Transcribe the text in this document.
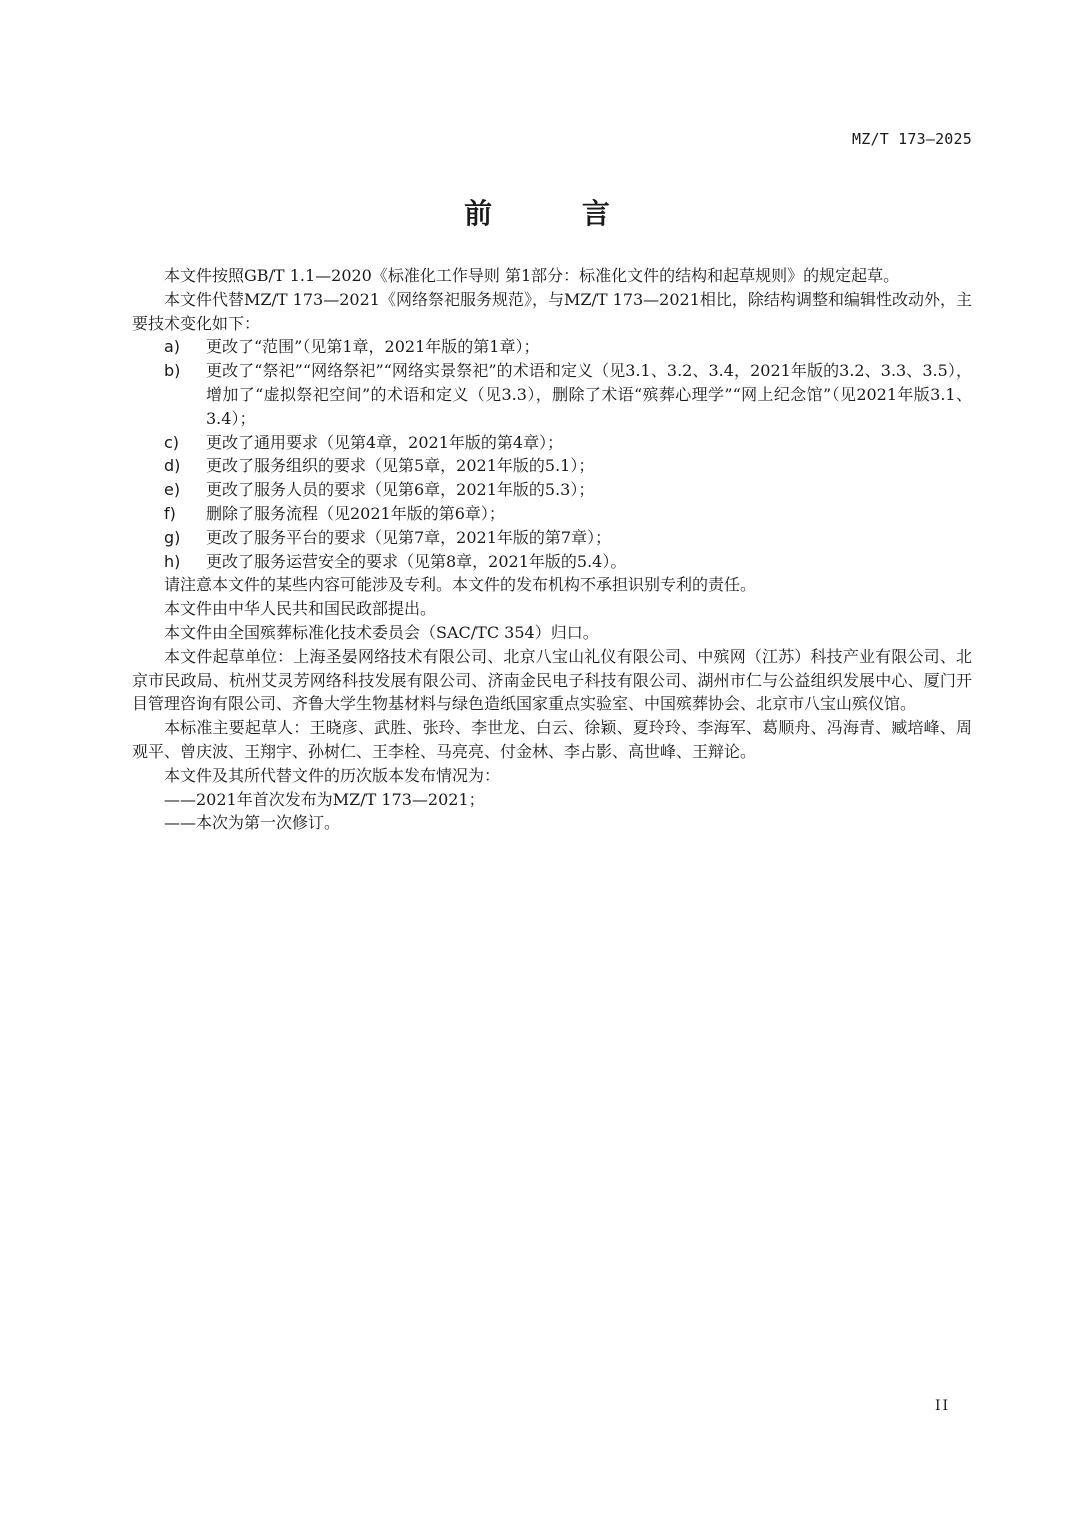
MZ/T 173—2025
前 言

本文件按照GB/T 1.1—2020《标准化工作导则 第1部分：标准化文件的结构和起草规则》的规定起草。

本文件代替MZ/T 173—2021《网络祭祀服务规范》，与MZ/T 173—2021相比，除结构调整和编辑性改动外，主要技术变化如下：

a)	更改了“范围”（见第1章，2021年版的第1章）；
b)	更改了“祭祀”“网络祭祀”“网络实景祭祀”的术语和定义（见3.1、3.2、3.4，2021年版的3.2、3.3、3.5），增加了“虚拟祭祀空间”的术语和定义（见3.3），删除了术语“殡葬心理学”“网上纪念馆”（见2021年版3.1、3.4）；
c)	更改了通用要求（见第4章，2021年版的第4章）；
d)	更改了服务组织的要求（见第5章，2021年版的5.1）；
e)	更改了服务人员的要求（见第6章，2021年版的5.3）；
f)	删除了服务流程（见2021年版的第6章）；
g)	更改了服务平台的要求（见第7章，2021年版的第7章）；
h)	更改了服务运营安全的要求（见第8章，2021年版的5.4）。

请注意本文件的某些内容可能涉及专利。本文件的发布机构不承担识别专利的责任。

本文件由中华人民共和国民政部提出。

本文件由全国殡葬标准化技术委员会（SAC/TC 354）归口。

本文件起草单位：上海圣晏网络技术有限公司、北京八宝山礼仪有限公司、中殡网（江苏）科技产业有限公司、北京市民政局、杭州艾灵芳网络科技发展有限公司、济南金民电子科技有限公司、湖州市仁与公益组织发展中心、厦门开目管理咨询有限公司、齐鲁大学生物基材料与绿色造纸国家重点实验室、中国殡葬协会、北京市八宝山殡仪馆。

本标准主要起草人：王晓彦、武胜、张玲、李世龙、白云、徐颖、夏玲玲、李海军、葛顺舟、冯海青、臧培峰、周观平、曾庆波、王翔宇、孙树仁、王李栓、马亮亮、付金林、李占影、高世峰、王辩论。

本文件及其所代替文件的历次版本发布情况为：

——2021年首次发布为MZ/T 173—2021；

——本次为第一次修订。

II
